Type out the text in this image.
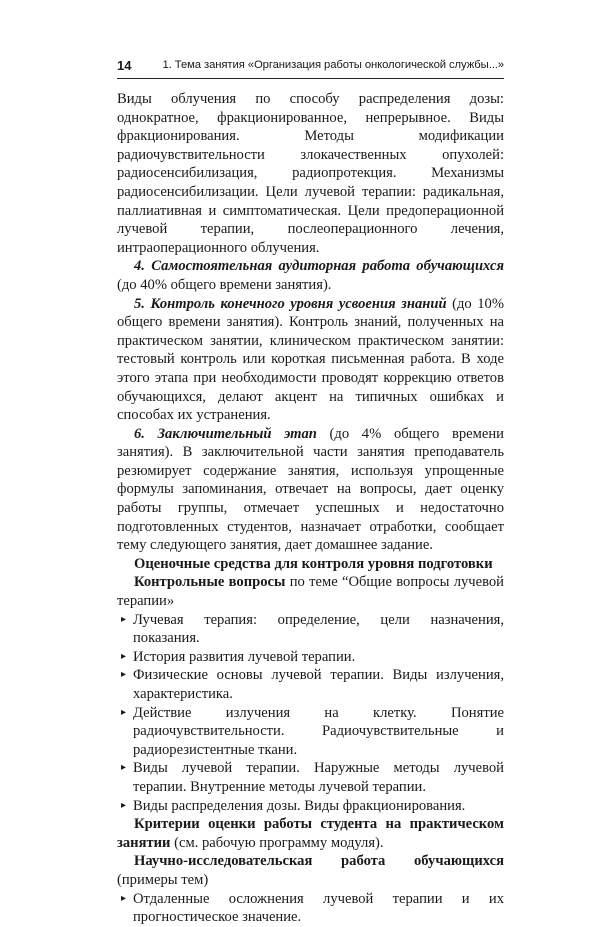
14	1. Тема занятия «Организация работы онкологической службы...»

Виды облучения по способу распределения дозы: однократное, фракционированное, непрерывное. Виды фракционирования. Методы модификации радиочувствительности злокачественных опухолей: радиосенсибилизация, радиопротекция. Механизмы радиосенсибилизации. Цели лучевой терапии: радикальная, паллиативная и симптоматическая. Цели предоперационной лучевой терапии, послеоперационного лечения, интраоперационного облучения.

4. Самостоятельная аудиторная работа обучающихся (до 40% общего времени занятия).

5. Контроль конечного уровня усвоения знаний (до 10% общего времени занятия). Контроль знаний, полученных на практическом занятии, клиническом практическом занятии: тестовый контроль или короткая письменная работа. В ходе этого этапа при необходимости проводят коррекцию ответов обучающихся, делают акцент на типичных ошибках и способах их устранения.

6. Заключительный этап (до 4% общего времени занятия). В заключительной части занятия преподаватель резюмирует содержание занятия, используя упрощенные формулы запоминания, отвечает на вопросы, дает оценку работы группы, отмечает успешных и недостаточно подготовленных студентов, назначает отработки, сообщает тему следующего занятия, дает домашнее задание.

Оценочные средства для контроля уровня подготовки

Контрольные вопросы по теме “Общие вопросы лучевой терапии»

▸ Лучевая терапия: определение, цели назначения, показания.
▸ История развития лучевой терапии.
▸ Физические основы лучевой терапии. Виды излучения, характеристика.
▸ Действие излучения на клетку. Понятие радиочувствительности. Радиочувствительные и радиорезистентные ткани.
▸ Виды лучевой терапии. Наружные методы лучевой терапии. Внутренние методы лучевой терапии.
▸ Виды распределения дозы. Виды фракционирования.

Критерии оценки работы студента на практическом занятии (см. рабочую программу модуля).

Научно-исследовательская работа обучающихся (примеры тем)

▸ Отдаленные осложнения лучевой терапии и их прогностическое значение.
